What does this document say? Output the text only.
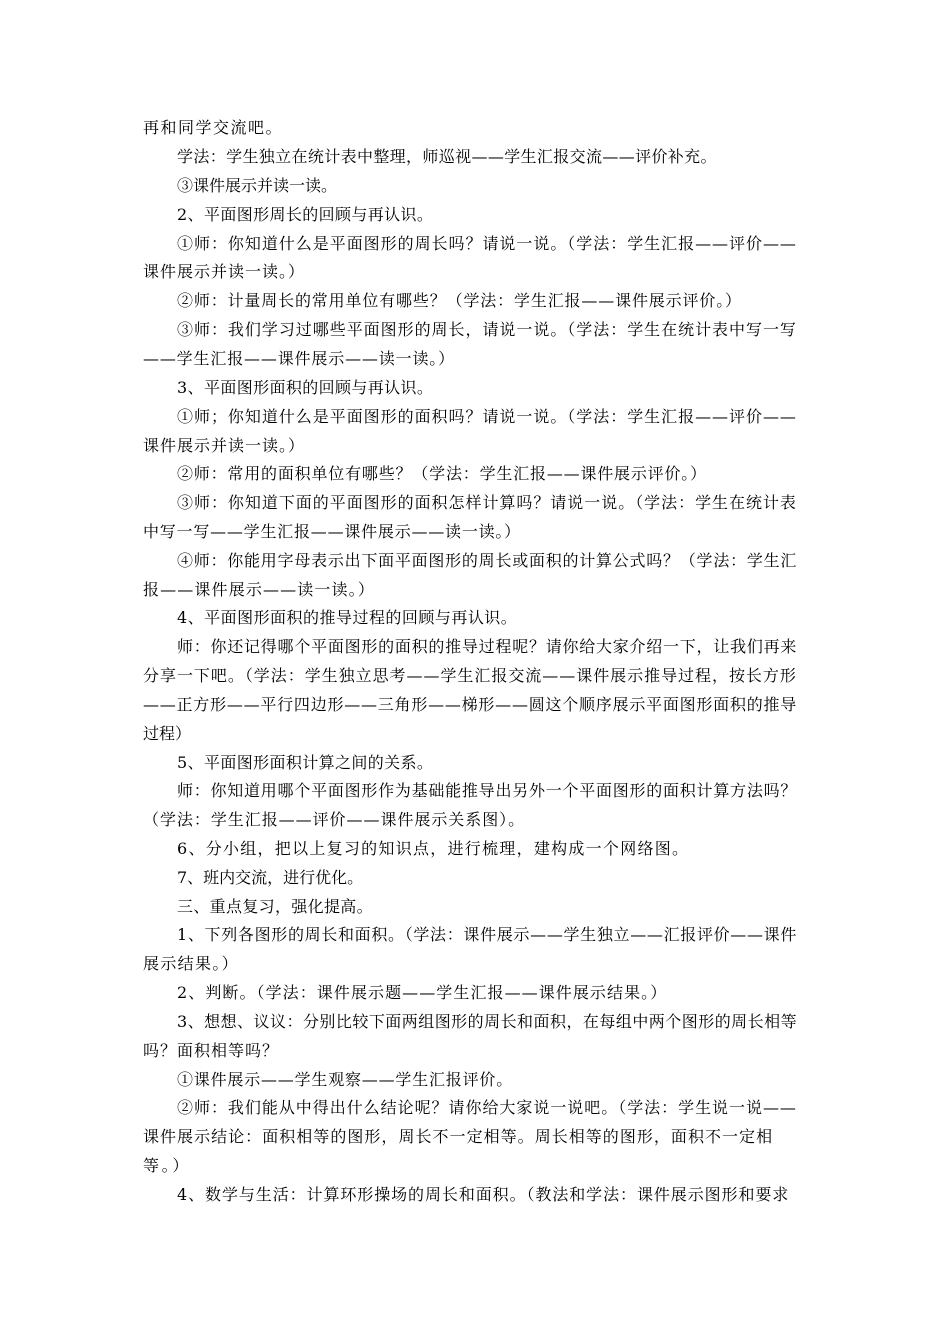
再和同学交流吧。

学法：学生独立在统计表中整理，师巡视——学生汇报交流——评价补充。

③课件展示并读一读。

2、平面图形周长的回顾与再认识。

①师：你知道什么是平面图形的周长吗？请说一说。（学法：学生汇报——评价——

课件展示并读一读。）

②师：计量周长的常用单位有哪些？（学法：学生汇报——课件展示评价。）

③师：我们学习过哪些平面图形的周长，请说一说。（学法：学生在统计表中写一写

——学生汇报——课件展示——读一读。）

3、平面图形面积的回顾与再认识。

①师；你知道什么是平面图形的面积吗？请说一说。（学法：学生汇报——评价——

课件展示并读一读。）

②师：常用的面积单位有哪些？（学法：学生汇报——课件展示评价。）

③师：你知道下面的平面图形的面积怎样计算吗？请说一说。（学法：学生在统计表

中写一写——学生汇报——课件展示——读一读。）

④师：你能用字母表示出下面平面图形的周长或面积的计算公式吗？（学法：学生汇

报——课件展示——读一读。）

4、平面图形面积的推导过程的回顾与再认识。

师：你还记得哪个平面图形的面积的推导过程呢？请你给大家介绍一下，让我们再来

分享一下吧。（学法：学生独立思考——学生汇报交流——课件展示推导过程，按长方形

——正方形——平行四边形——三角形——梯形——圆这个顺序展示平面图形面积的推导

过程）

5、平面图形面积计算之间的关系。

师：你知道用哪个平面图形作为基础能推导出另外一个平面图形的面积计算方法吗？

（学法：学生汇报——评价——课件展示关系图）。

6、分小组，把以上复习的知识点，进行梳理，建构成一个网络图。

7、班内交流，进行优化。

三、重点复习，强化提高。

1、下列各图形的周长和面积。（学法：课件展示——学生独立——汇报评价——课件

展示结果。）

2、判断。（学法：课件展示题——学生汇报——课件展示结果。）

3、想想、议议：分别比较下面两组图形的周长和面积，在每组中两个图形的周长相等

吗？面积相等吗？

①课件展示——学生观察——学生汇报评价。

②师：我们能从中得出什么结论呢？请你给大家说一说吧。（学法：学生说一说——

课件展示结论：面积相等的图形，周长不一定相等。周长相等的图形，面积不一定相

等。）

4、数学与生活：计算环形操场的周长和面积。（教法和学法：课件展示图形和要求
